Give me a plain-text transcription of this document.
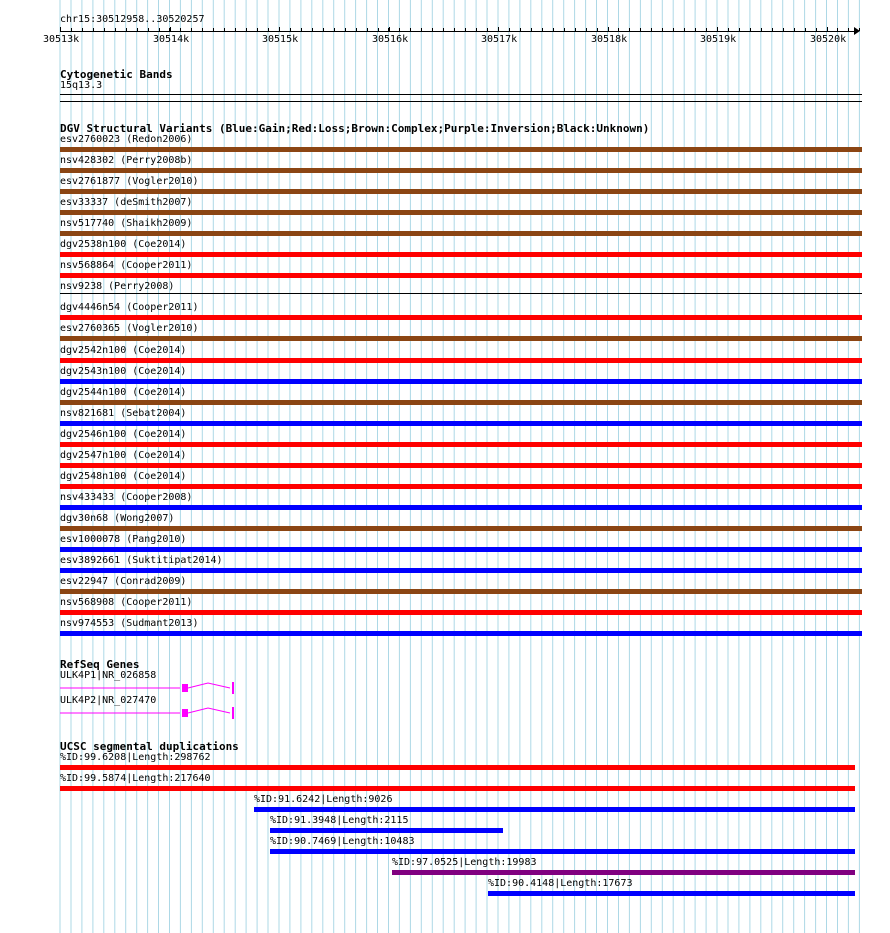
chr15:30512958..30520257
30513k	30514k	30515k	30516k	30517k	30518k	30519k	30520k
Cytogenetic Bands
15q13.3
DGV Structural Variants (Blue:Gain;Red:Loss;Brown:Complex;Purple:Inversion;Black:Unknown)
esv2760023 (Redon2006)
nsv428302 (Perry2008b)
esv2761877 (Vogler2010)
esv33337 (deSmith2007)
nsv517740 (Shaikh2009)
dgv2538n100 (Coe2014)
nsv568864 (Cooper2011)
nsv9238 (Perry2008)
dgv4446n54 (Cooper2011)
esv2760365 (Vogler2010)
dgv2542n100 (Coe2014)
dgv2543n100 (Coe2014)
dgv2544n100 (Coe2014)
nsv821681 (Sebat2004)
dgv2546n100 (Coe2014)
dgv2547n100 (Coe2014)
dgv2548n100 (Coe2014)
nsv433433 (Cooper2008)
dgv30n68 (Wong2007)
esv1000078 (Pang2010)
esv3892661 (Suktitipat2014)
esv22947 (Conrad2009)
nsv568908 (Cooper2011)
nsv974553 (Sudmant2013)
RefSeq Genes
ULK4P1|NR_026858
ULK4P2|NR_027470
UCSC segmental duplications
%ID:99.6208|Length:298762
%ID:99.5874|Length:217640
%ID:91.6242|Length:9026
%ID:91.3948|Length:2115
%ID:90.7469|Length:10483
%ID:97.0525|Length:19983
%ID:90.4148|Length:17673
